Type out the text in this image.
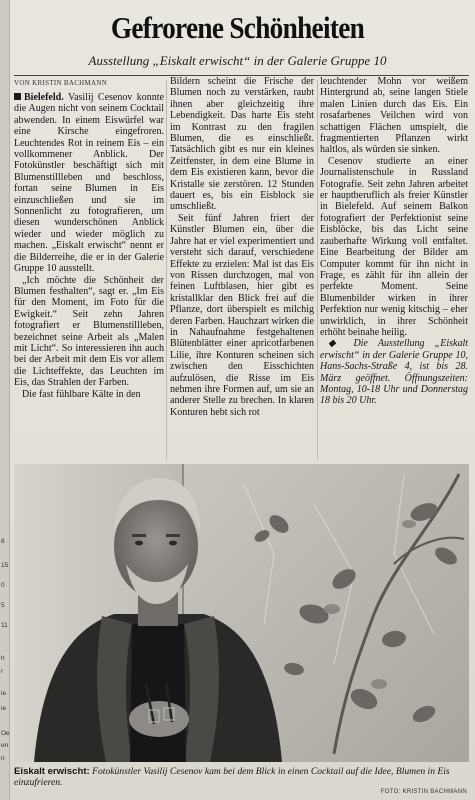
8
15
0
5
11
h
r
ie
ie
Oe
en
n
Gefrorene Schönheiten
Ausstellung „Eiskalt erwischt“ in der Galerie Gruppe 10
VON KRISTIN BACHMANN

Bielefeld. Vasilij Cesenov konnte die Augen nicht von seinem Cocktail abwenden. In einem Eiswürfel war eine Kirsche eingefroren. Leuchtendes Rot in reinem Eis – ein vollkommener Anblick. Der Fotokünstler beschäftigt sich mit Blumenstillleben und beschloss, fortan seine Blumen in Eis einzuschließen und sie im Sonnenlicht zu fotografieren, um diesen wunderschönen Anblick wieder und wieder möglich zu machen. „Eiskalt erwischt“ nennt er die Bilderreihe, die er in der Galerie Gruppe 10 ausstellt.

„Ich möchte die Schönheit der Blumen festhalten“, sagt er. „Im Eis für den Moment, im Foto für die Ewigkeit.“ Seit zehn Jahren fotografiert er Blumenstillleben, bezeichnet seine Arbeit als „Malen mit Licht“. So interessieren ihn auch bei der Arbeit mit dem Eis vor allem die Lichteffekte, das Leuchten im Eis, das Strahlen der Farben.

Die fast fühlbare Kälte in den

Bildern scheint die Frische der Blumen noch zu verstärken, raubt ihnen aber gleichzeitig ihre Lebendigkeit. Das harte Eis steht im Kontrast zu den fragilen Blumen, die es einschließt. Tatsächlich gibt es nur ein kleines Zeitfenster, in dem eine Blume in dem Eis existieren kann, bevor die Kristalle sie zerstören. 12 Stunden dauert es, bis ein Eisblock sie umschließt.

Seit fünf Jahren friert der Künstler Blumen ein, über die Jahre hat er viel experimentiert und versteht sich darauf, verschiedene Effekte zu erzielen: Mal ist das Eis von Rissen durchzogen, mal von feinen Luftblasen, hier gibt es kristallklar den Blick frei auf die Pflanze, dort überspielt es milchig deren Farben. Hauchzart wirken die in Nahaufnahme festgehaltenen Blütenblätter einer apricotfarbenen Lilie, ihre Konturen scheinen sich zwischen den Eisschichten aufzulösen, die Risse im Eis nehmen ihre Formen auf, um sie an anderer Stelle zu brechen. In klaren Konturen hebt sich rot

leuchtender Mohn vor weißem Hintergrund ab, seine langen Stiele malen Linien durch das Eis. Ein rosafarbenes Veilchen wird von schattigen Flächen umspielt, die fragmentierten Pflanzen wirkt haltlos, als würden sie sinken.

Cesenov studierte an einer Journalistenschule in Russland Fotografie. Seit zehn Jahren arbeitet er hauptberuflich als freier Künstler in Bielefeld. Auf seinem Balkon fotografiert der Perfektionist seine Eisblöcke, bis das Licht seine zauberhafte Wirkung voll entfaltet. Eine Bearbeitung der Bilder am Computer kommt für ihn nicht in Frage, es zählt für ihn allein der perfekte Moment. Seine Blumenbilder wirken in ihrer Perfektion nur wenig kitschig – eher unwirklich, in ihrer Schönheit erhöht beinahe heilig.

◆ Die Ausstellung „Eiskalt erwischt“ in der Galerie Gruppe 10, Hans-Sachs-Straße 4, ist bis 28. März geöffnet. Öffnungszeiten: Montag, 10-18 Uhr und Donnerstag 18 bis 20 Uhr.

Eiskalt erwischt: Fotokünstler Vasilij Cesenov kam bei dem Blick in einen Cocktail auf die Idee, Blumen in Eis einzufrieren.
FOTO: KRISTIN BACHMANN
